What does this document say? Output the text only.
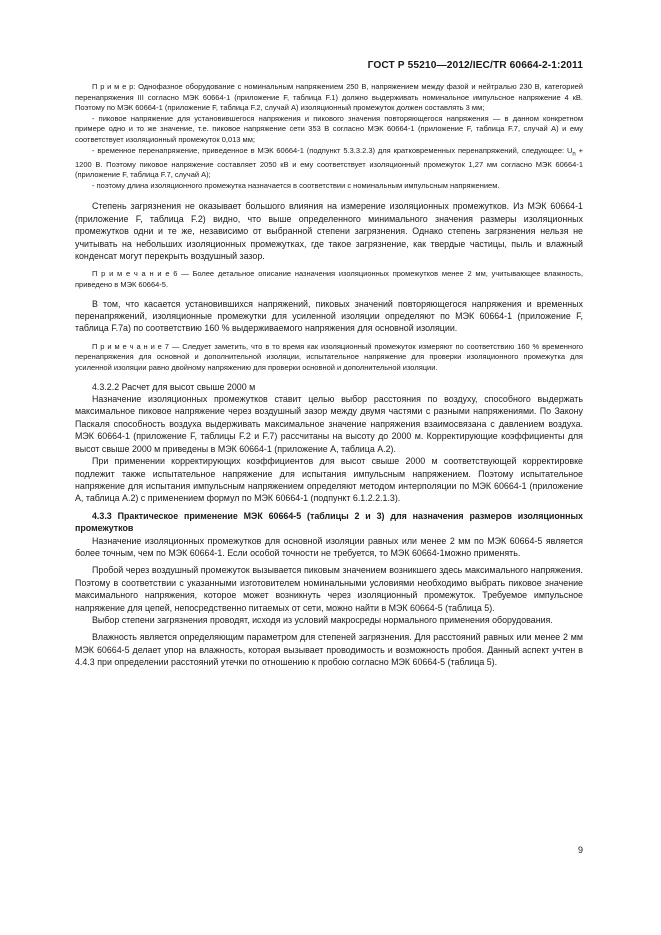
ГОСТ Р 55210—2012/IEC/TR 60664-2-1:2011

П р и м е р: Однофазное оборудование с номинальным напряжением 250 В, напряжением между фазой и нейтралью 230 В, категорией перенапряжения III согласно МЭК 60664-1 (приложение F, таблица F.1) должно выдерживать номинальное импульсное напряжение 4 кВ. Поэтому по МЭК 60664-1 (приложение F, таблица F.2, случай А) изоляционный промежуток должен составлять 3 мм;

- пиковое напряжение для установившегося напряжения и пикового значения повторяющегося напряжения — в данном конкретном примере одно и то же значение, т.е. пиковое напряжение сети 353 В согласно МЭК 60664-1 (приложение F, таблица F.7, случай А) и ему соответствует изоляционный промежуток 0,013 мм;

- временное перенапряжение, приведенное в МЭК 60664-1 (подпункт 5.3.3.2.3) для кратковременных перенапряжений, следующее: $U_n + 1200$ В. Поэтому пиковое напряжение составляет 2050 кВ и ему соответствует изоляционный промежуток 1,27 мм согласно МЭК 60664-1 (приложение F, таблица F.7, случай А);

- поэтому длина изоляционного промежутка назначается в соответствии с номинальным импульсным напряжением.

Степень загрязнения не оказывает большого влияния на измерение изоляционных промежутков. Из МЭК 60664-1 (приложение F, таблица F.2) видно, что выше определенного минимального значения размеры изоляционных промежутков одни и те же, независимо от выбранной степени загрязнения. Однако степень загрязнения нельзя не учитывать на небольших изоляционных промежутках, где такое загрязнение, как твердые частицы, пыль и влажный конденсат могут перекрыть воздушный зазор.

П р и м е ч а н и е 6 — Более детальное описание назначения изоляционных промежутков менее 2 мм, учитывающее влажность, приведено в МЭК 60664-5.

В том, что касается установившихся напряжений, пиковых значений повторяющегося напряжения и временных перенапряжений, изоляционные промежутки для усиленной изоляции определяют по МЭК 60664-1 (приложение F, таблица F.7а) по соответствию 160 % выдерживаемого напряжения для основной изоляции.

П р и м е ч а н и е 7 — Следует заметить, что в то время как изоляционный промежуток измеряют по соответствию 160 % временного перенапряжения для основной и дополнительной изоляции, испытательное напряжение для проверки изоляционного промежутка для усиленной изоляции равно двойному напряжению для проверки основной и дополнительной изоляции.

4.3.2.2 Расчет для высот свыше 2000 м

Назначение изоляционных промежутков ставит целью выбор расстояния по воздуху, способного выдержать максимальное пиковое напряжение через воздушный зазор между двумя частями с разными напряжениями. По Закону Паскаля способность воздуха выдерживать максимальное значение напряжения взаимосвязана с давлением воздуха. МЭК 60664-1 (приложение F, таблицы F.2 и F.7) рассчитаны на высоту до 2000 м. Корректирующие коэффициенты для высот свыше 2000 м приведены в МЭК 60664-1 (приложение А, таблица А.2).

При применении корректирующих коэффициентов для высот свыше 2000 м соответствующей корректировке подлежит также испытательное напряжение для испытания импульсным напряжением. Поэтому испытательное напряжение для испытания импульсным напряжением определяют методом интерполяции по МЭК 60664-1 (приложение А, таблица А.2) с применением формул по МЭК 60664-1 (подпункт 6.1.2.2.1.3).

4.3.3 Практическое применение МЭК 60664-5 (таблицы 2 и 3) для назначения размеров изоляционных промежутков

Назначение изоляционных промежутков для основной изоляции равных или менее 2 мм по МЭК 60664-5 является более точным, чем по МЭК 60664-1. Если особой точности не требуется, то МЭК 60664-1можно применять.

Пробой через воздушный промежуток вызывается пиковым значением возникшего здесь максимального напряжения. Поэтому в соответствии с указанными изготовителем номинальными условиями необходимо выбрать пиковое значение максимального напряжения, которое может возникнуть через изоляционный промежуток. Требуемое импульсное напряжение для цепей, непосредственно питаемых от сети, можно найти в МЭК 60664-5 (таблица 5).

Выбор степени загрязнения проводят, исходя из условий макросреды нормального применения оборудования.

Влажность является определяющим параметром для степеней загрязнения. Для расстояний равных или менее 2 мм МЭК 60664-5 делает упор на влажность, которая вызывает проводимость и возможность пробоя. Данный аспект учтен в 4.4.3 при определении расстояний утечки по отношению к пробою согласно МЭК 60664-5 (таблица 5).

9
